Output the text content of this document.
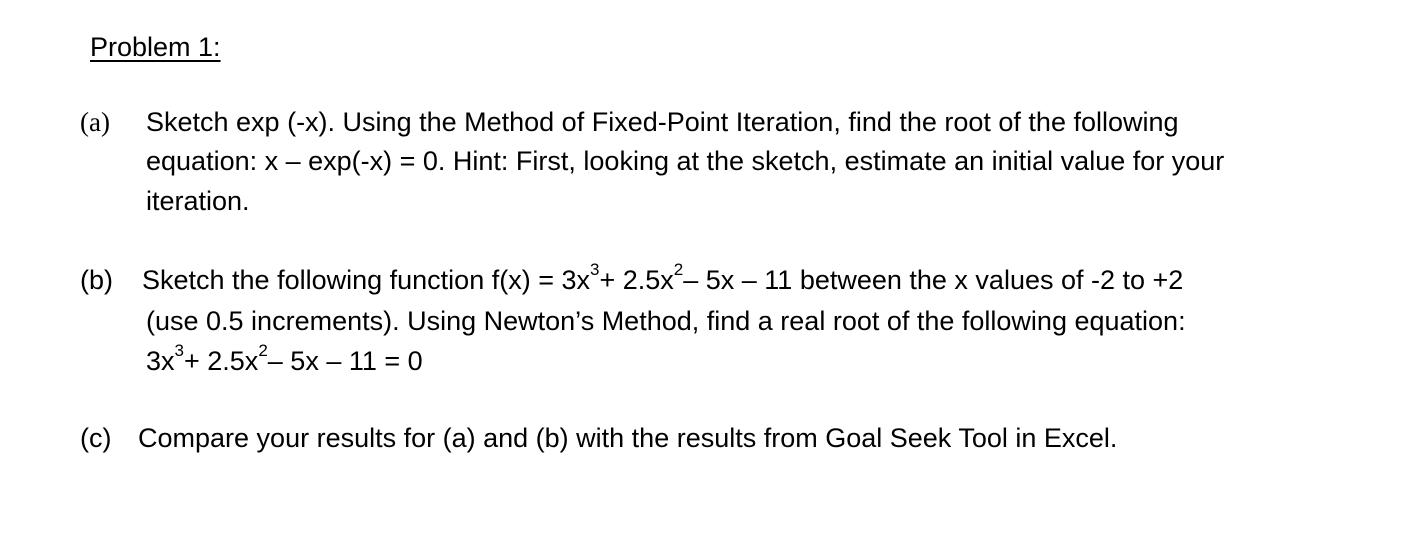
Problem 1:
(a) Sketch exp (-x). Using the Method of Fixed-Point Iteration, find the root of the following
equation: x – exp(-x) = 0. Hint: First, looking at the sketch, estimate an initial value for your
iteration.
(b) Sketch the following function $f(x) = 3x^3+ 2.5x^2-$ 5x – 11 between the x values of -2 to +2
(use 0.5 increments). Using Newton’s Method, find a real root of the following equation:
$3x^3+ 2.5x^2-$ 5x – 11 = 0
(c) Compare your results for (a) and (b) with the results from Goal Seek Tool in Excel.
